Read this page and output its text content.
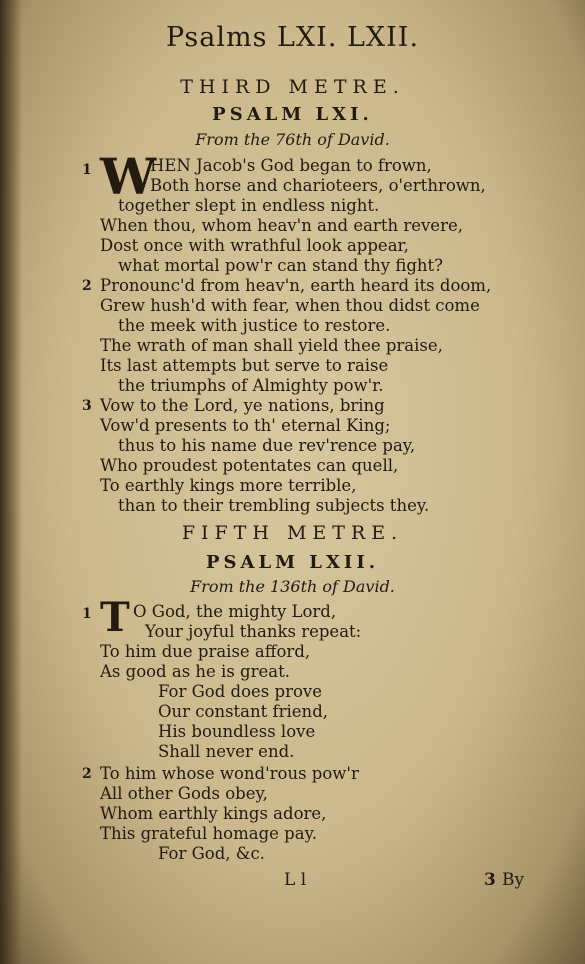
Psalms LXI. LXII.
THIRD METRE.
PSALM LXI.
From the 76th of David.
1 W
HEN Jacob's God began to frown,
Both horse and charioteers, o'erthrown,
together slept in endless night.
When thou, whom heav'n and earth revere,
Dost once with wrathful look appear,
what mortal pow'r can stand thy fight?
2 Pronounc'd from heav'n, earth heard its doom,
Grew hush'd with fear, when thou didst come
the meek with justice to restore.
The wrath of man shall yield thee praise,
Its last attempts but serve to raise
the triumphs of Almighty pow'r.
3 Vow to the Lord, ye nations, bring
Vow'd presents to th' eternal King;
thus to his name due rev'rence pay,
Who proudest potentates can quell,
To earthly kings more terrible,
than to their trembling subjects they.
FIFTH METRE.
PSALM LXII.
From the 136th of David.
1 T O God, the mighty Lord,
Your joyful thanks repeat:
To him due praise afford,
As good as he is great.
For God does prove
Our constant friend,
His boundless love
Shall never end.
2 To him whose wond'rous pow'r
All other Gods obey,
Whom earthly kings adore,
This grateful homage pay.
For God, &c.
L l	3 By
